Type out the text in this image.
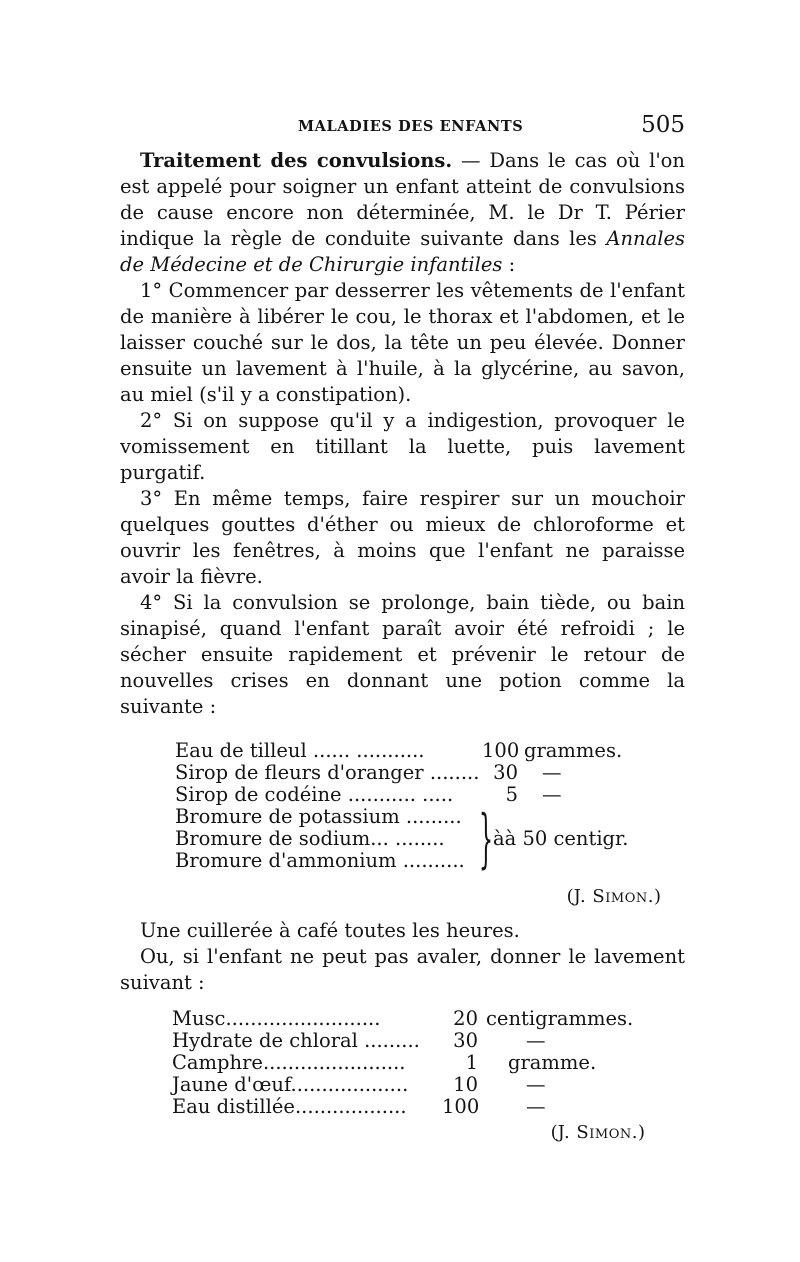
MALADIES DES ENFANTS	505

Traitement des convulsions. — Dans le cas où l'on est appelé pour soigner un enfant atteint de convulsions de cause encore non déterminée, M. le Dr T. Périer indique la règle de conduite suivante dans les Annales de Médecine et de Chirurgie infantiles :

1° Commencer par desserrer les vêtements de l'enfant de manière à libérer le cou, le thorax et l'abdomen, et le laisser couché sur le dos, la tête un peu élevée. Donner ensuite un lavement à l'huile, à la glycérine, au savon, au miel (s'il y a constipation).

2° Si on suppose qu'il y a indigestion, provoquer le vomissement en titillant la luette, puis lavement purgatif.

3° En même temps, faire respirer sur un mouchoir quelques gouttes d'éther ou mieux de chloroforme et ouvrir les fenêtres, à moins que l'enfant ne paraisse avoir la fièvre.

4° Si la convulsion se prolonge, bain tiède, ou bain sinapisé, quand l'enfant paraît avoir été refroidi ; le sécher ensuite rapidement et prévenir le retour de nouvelles crises en donnant une potion comme la suivante :

Eau de tilleul ...... ...........	100 grammes.
Sirop de fleurs d'oranger ........ 30	—
Sirop de codéine ........... .....	5	—
Bromure de potassium .........
Bromure de sodium... ........
Bromure d'ammonium .......... } àà 50 centigr.
(J. Simon.)

Une cuillerée à café toutes les heures.

Ou, si l'enfant ne peut pas avaler, donner le lavement suivant :

Musc.........................	20 centigrammes.
Hydrate de chloral .........	30	—
Camphre.......................	1	gramme.
Jaune d'œuf...................	10	—
Eau distillée..................	100	—
(J. Simon.)
